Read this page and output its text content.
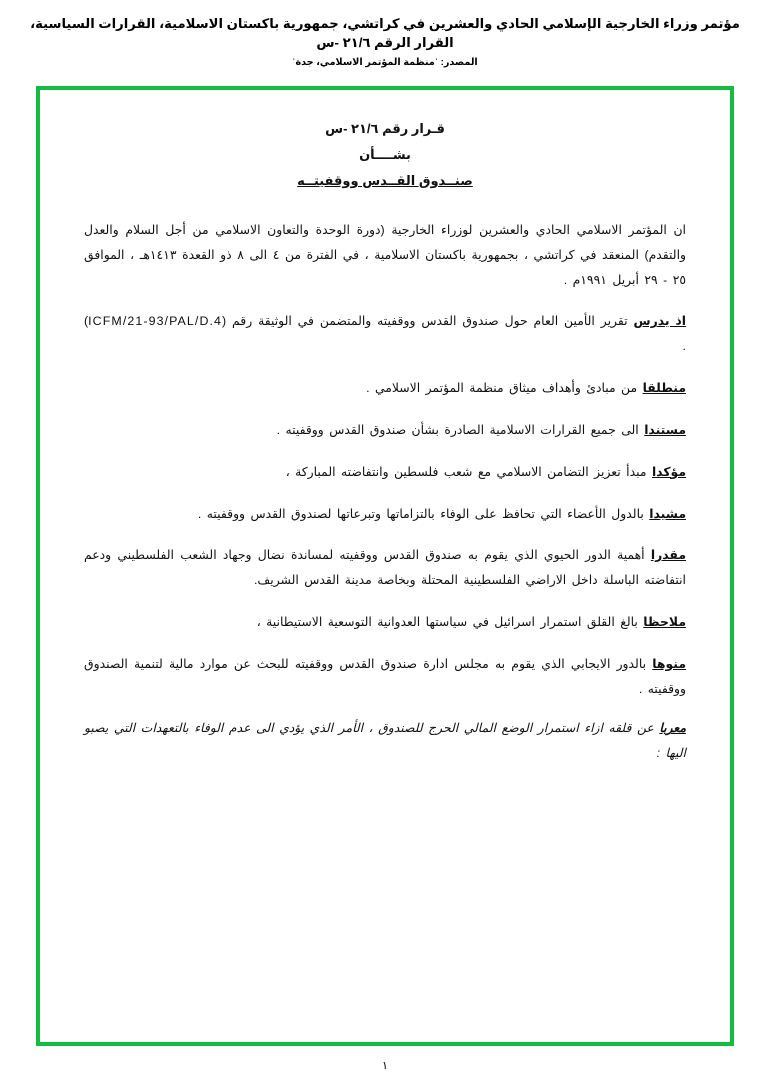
مؤتمر وزراء الخارجية الإسلامي الحادي والعشرين في كراتشي، جمهورية باكستان الاسلامية، القرارات السياسية، القرار الرقم ٢١/٦ -س
المصدر: ˈمنظمة المؤتمر الاسلامي، جدةˈ
قـرار رقم ٢١/٦ -س
بشــــأن
صنــدوق القــدس ووقفيتــه

ان المؤتمر الاسلامي الحادي والعشرين لوزراء الخارجية (دورة الوحدة والتعاون الاسلامي من أجل السلام والعدل والتقدم) المنعقد في كراتشي ، بجمهورية باكستان الاسلامية ، في الفترة من ٤ الى ٨ ذو القعدة ١٤١٣هـ ، الموافق ٢٥ - ٢٩ أبريل ١٩٩١م .

اذ يدرس تقرير الأمين العام حول صندوق القدس ووقفيته والمتضمن في الوثيقة رقم (ICFM/21-93/PAL/D.4) .

منطلقا من مبادئ وأهداف ميثاق منظمة المؤتمر الاسلامي .

مستندا الى جميع القرارات الاسلامية الصادرة بشأن صندوق القدس ووقفيته .

مؤكدا مبدأ تعزيز التضامن الاسلامي مع شعب فلسطين وانتفاضته المباركة ،

مشيدا بالدول الأعضاء التي تحافظ على الوفاء بالتزاماتها وتبرعاتها لصندوق القدس ووقفيته .

مقدرا أهمية الدور الحيوي الذي يقوم به صندوق القدس ووقفيته لمساندة نضال وجهاد الشعب الفلسطيني ودعم انتفاضته الباسلة داخل الاراضي الفلسطينية المحتلة وبخاصة مدينة القدس الشريف.

ملاحظا بالغ القلق استمرار اسرائيل في سياستها العدوانية التوسعية الاستيطانية ،

منوها بالدور الايجابي الذي يقوم به مجلس ادارة صندوق القدس ووقفيته للبحث عن موارد مالية لتنمية الصندوق ووقفيته .

معربا عن قلقه ازاء استمرار الوضع المالي الحرج للصندوق ، الأمر الذي يؤدي الى عدم الوفاء بالتعهدات التي يصبو اليها :

١
